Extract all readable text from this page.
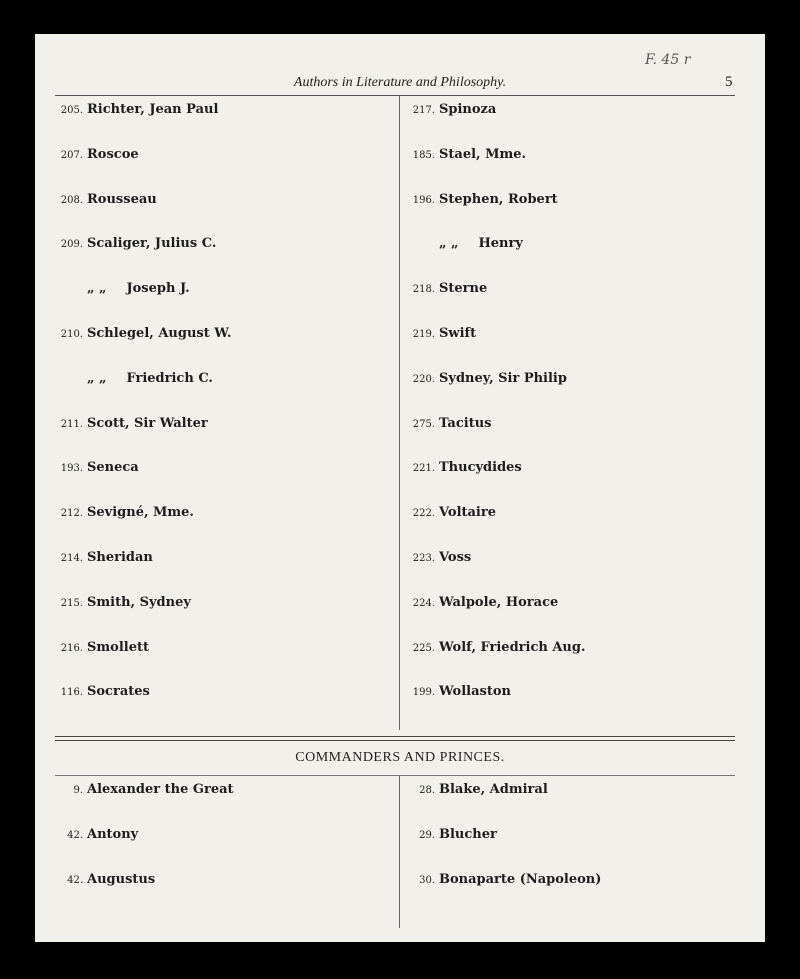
F. 45 r
Authors in Literature and Philosophy.	5
205. Richter, Jean Paul
207. Roscoe
208. Rousseau
209. Scaliger, Julius C.
„ „ Joseph J.
210. Schlegel, August W.
„ „ Friedrich C.
211. Scott, Sir Walter
193. Seneca
212. Sevigné, Mme.
214. Sheridan
215. Smith, Sydney
216. Smollett
116. Socrates
217. Spinoza
185. Stael, Mme.
196. Stephen, Robert
„ „ Henry
218. Sterne
219. Swift
220. Sydney, Sir Philip
275. Tacitus
221. Thucydides
222. Voltaire
223. Voss
224. Walpole, Horace
225. Wolf, Friedrich Aug.
199. Wollaston
COMMANDERS AND PRINCES.
9. Alexander the Great
42. Antony
42. Augustus
28. Blake, Admiral
29. Blucher
30. Bonaparte (Napoleon)
